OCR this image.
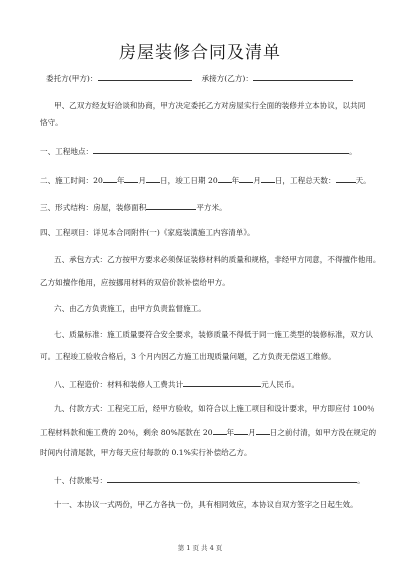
房屋装修合同及清单
委托方(甲方)：	承接方(乙方)：
甲、乙双方经友好洽谈和协商，甲方决定委托乙方对房屋实行全面的装修并立本协议，以共同恪守。
一、工程地点：	。
二、施工时间：20 年 月 日，竣工日期 20 年 月 日，工程总天数：	天。
三、形式结构：房屋，装修面积	平方米。
四、工程项目：详见本合同附件(一)《家庭装潢施工内容清单》。
五、承包方式：乙方按甲方要求必须保证装修材料的质量和规格，非经甲方同意，不得擅作他用。
乙方如擅作他用，应按挪用材料的双倍价款补偿给甲方。
六、由乙方负责施工，由甲方负责监督施工。
七、质量标准：施工质量要符合安全要求，装修质量不得低于同一施工类型的装修标准，双方认
可。工程竣工验收合格后，3 个月内因乙方施工出现质量问题，乙方负责无偿返工维修。
八、工程造价：材料和装修人工费共计	元人民币。
九、付款方式：工程完工后，经甲方验收，如符合以上施工项目和设计要求，甲方即应付 100％
工程材料款和施工费的 20％，剩余 80%尾款在 20 年 月 日之前付清，如甲方没在规定的
时间内付清尾款，甲方每天应付每款的 0.1%实行补偿给乙方。
十、付款账号：	。
十一、本协议一式两份，甲乙方各执一份，具有相同效应，本协议自双方签字之日起生效。
第 1 页 共 4 页
